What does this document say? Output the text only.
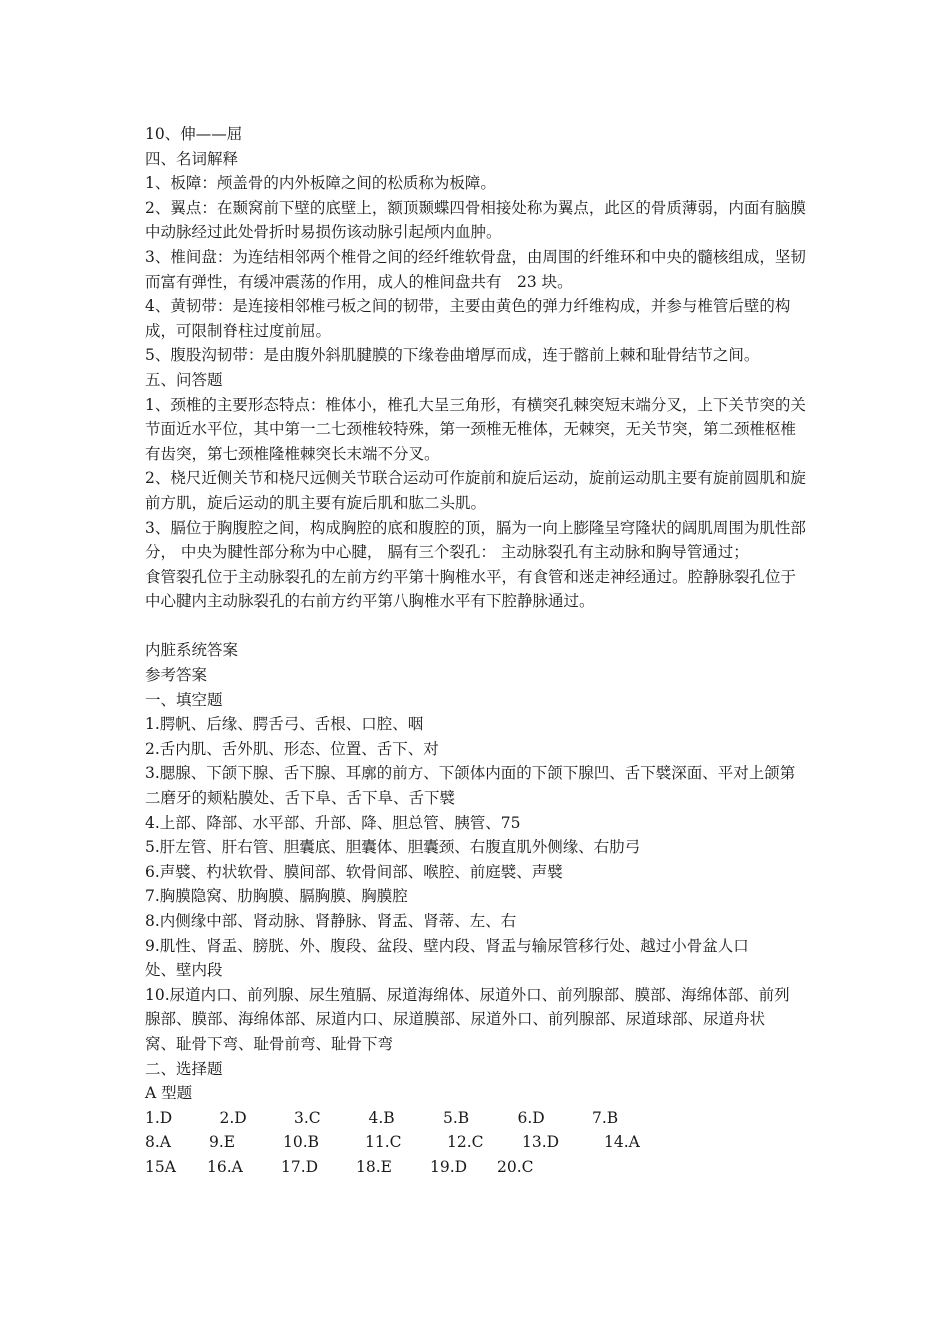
10、伸——屈

四、名词解释

1、板障：颅盖骨的内外板障之间的松质称为板障。

2、翼点：在颞窝前下壁的底壁上，额顶颞蝶四骨相接处称为翼点，此区的骨质薄弱，内面有脑膜中动脉经过此处骨折时易损伤该动脉引起颅内血肿。

3、椎间盘：为连结相邻两个椎骨之间的经纤维软骨盘，由周围的纤维环和中央的髓核组成，坚韧而富有弹性，有缓冲震荡的作用，成人的椎间盘共有　23 块。

4、黄韧带：是连接相邻椎弓板之间的韧带，主要由黄色的弹力纤维构成，并参与椎管后壁的构成，可限制脊柱过度前屈。

5、腹股沟韧带：是由腹外斜肌腱膜的下缘卷曲增厚而成，连于髂前上棘和耻骨结节之间。

五、问答题

1、颈椎的主要形态特点：椎体小，椎孔大呈三角形，有横突孔棘突短末端分叉，上下关节突的关节面近水平位，其中第一二七颈椎较特殊，第一颈椎无椎体，无棘突，无关节突，第二颈椎枢椎有齿突，第七颈椎隆椎棘突长末端不分叉。

2、桡尺近侧关节和桡尺远侧关节联合运动可作旋前和旋后运动，旋前运动肌主要有旋前圆肌和旋前方肌，旋后运动的肌主要有旋后肌和肱二头肌。

3、膈位于胸腹腔之间，构成胸腔的底和腹腔的顶，膈为一向上膨隆呈穹隆状的阔肌周围为肌性部分， 中央为腱性部分称为中心腱， 膈有三个裂孔： 主动脉裂孔有主动脉和胸导管通过；

食管裂孔位于主动脉裂孔的左前方约平第十胸椎水平，有食管和迷走神经通过。腔静脉裂孔位于中心腱内主动脉裂孔的右前方约平第八胸椎水平有下腔静脉通过。

内脏系统答案

参考答案

一、填空题

1.腭帆、后缘、腭舌弓、舌根、口腔、咽

2.舌内肌、舌外肌、形态、位置、舌下、对

3.腮腺、下颌下腺、舌下腺、耳廓的前方、下颌体内面的下颌下腺凹、舌下襞深面、平对上颌第二磨牙的颊粘膜处、舌下阜、舌下阜、舌下襞

4.上部、降部、水平部、升部、降、胆总管、胰管、75

5.肝左管、肝右管、胆囊底、胆囊体、胆囊颈、右腹直肌外侧缘、右肋弓

6.声襞、杓状软骨、膜间部、软骨间部、喉腔、前庭襞、声襞

7.胸膜隐窝、肋胸膜、膈胸膜、胸膜腔

8.内侧缘中部、肾动脉、肾静脉、肾盂、肾蒂、左、右

9.肌性、肾盂、膀胱、外、腹段、盆段、壁内段、肾盂与输尿管移行处、越过小骨盆人口处、壁内段

10.尿道内口、前列腺、尿生殖膈、尿道海绵体、尿道外口、前列腺部、膜部、海绵体部、前列腺部、膜部、海绵体部、尿道内口、尿道膜部、尿道外口、前列腺部、尿道球部、尿道舟状窝、耻骨下弯、耻骨前弯、耻骨下弯

二、选择题

A 型题

1.D	2.D	3.C	4.B	5.B	6.D	7.B
8.A	9.E	10.B	11.C	12.C	13.D	14.A
15A	16.A	17.D	18.E	19.D	20.C
